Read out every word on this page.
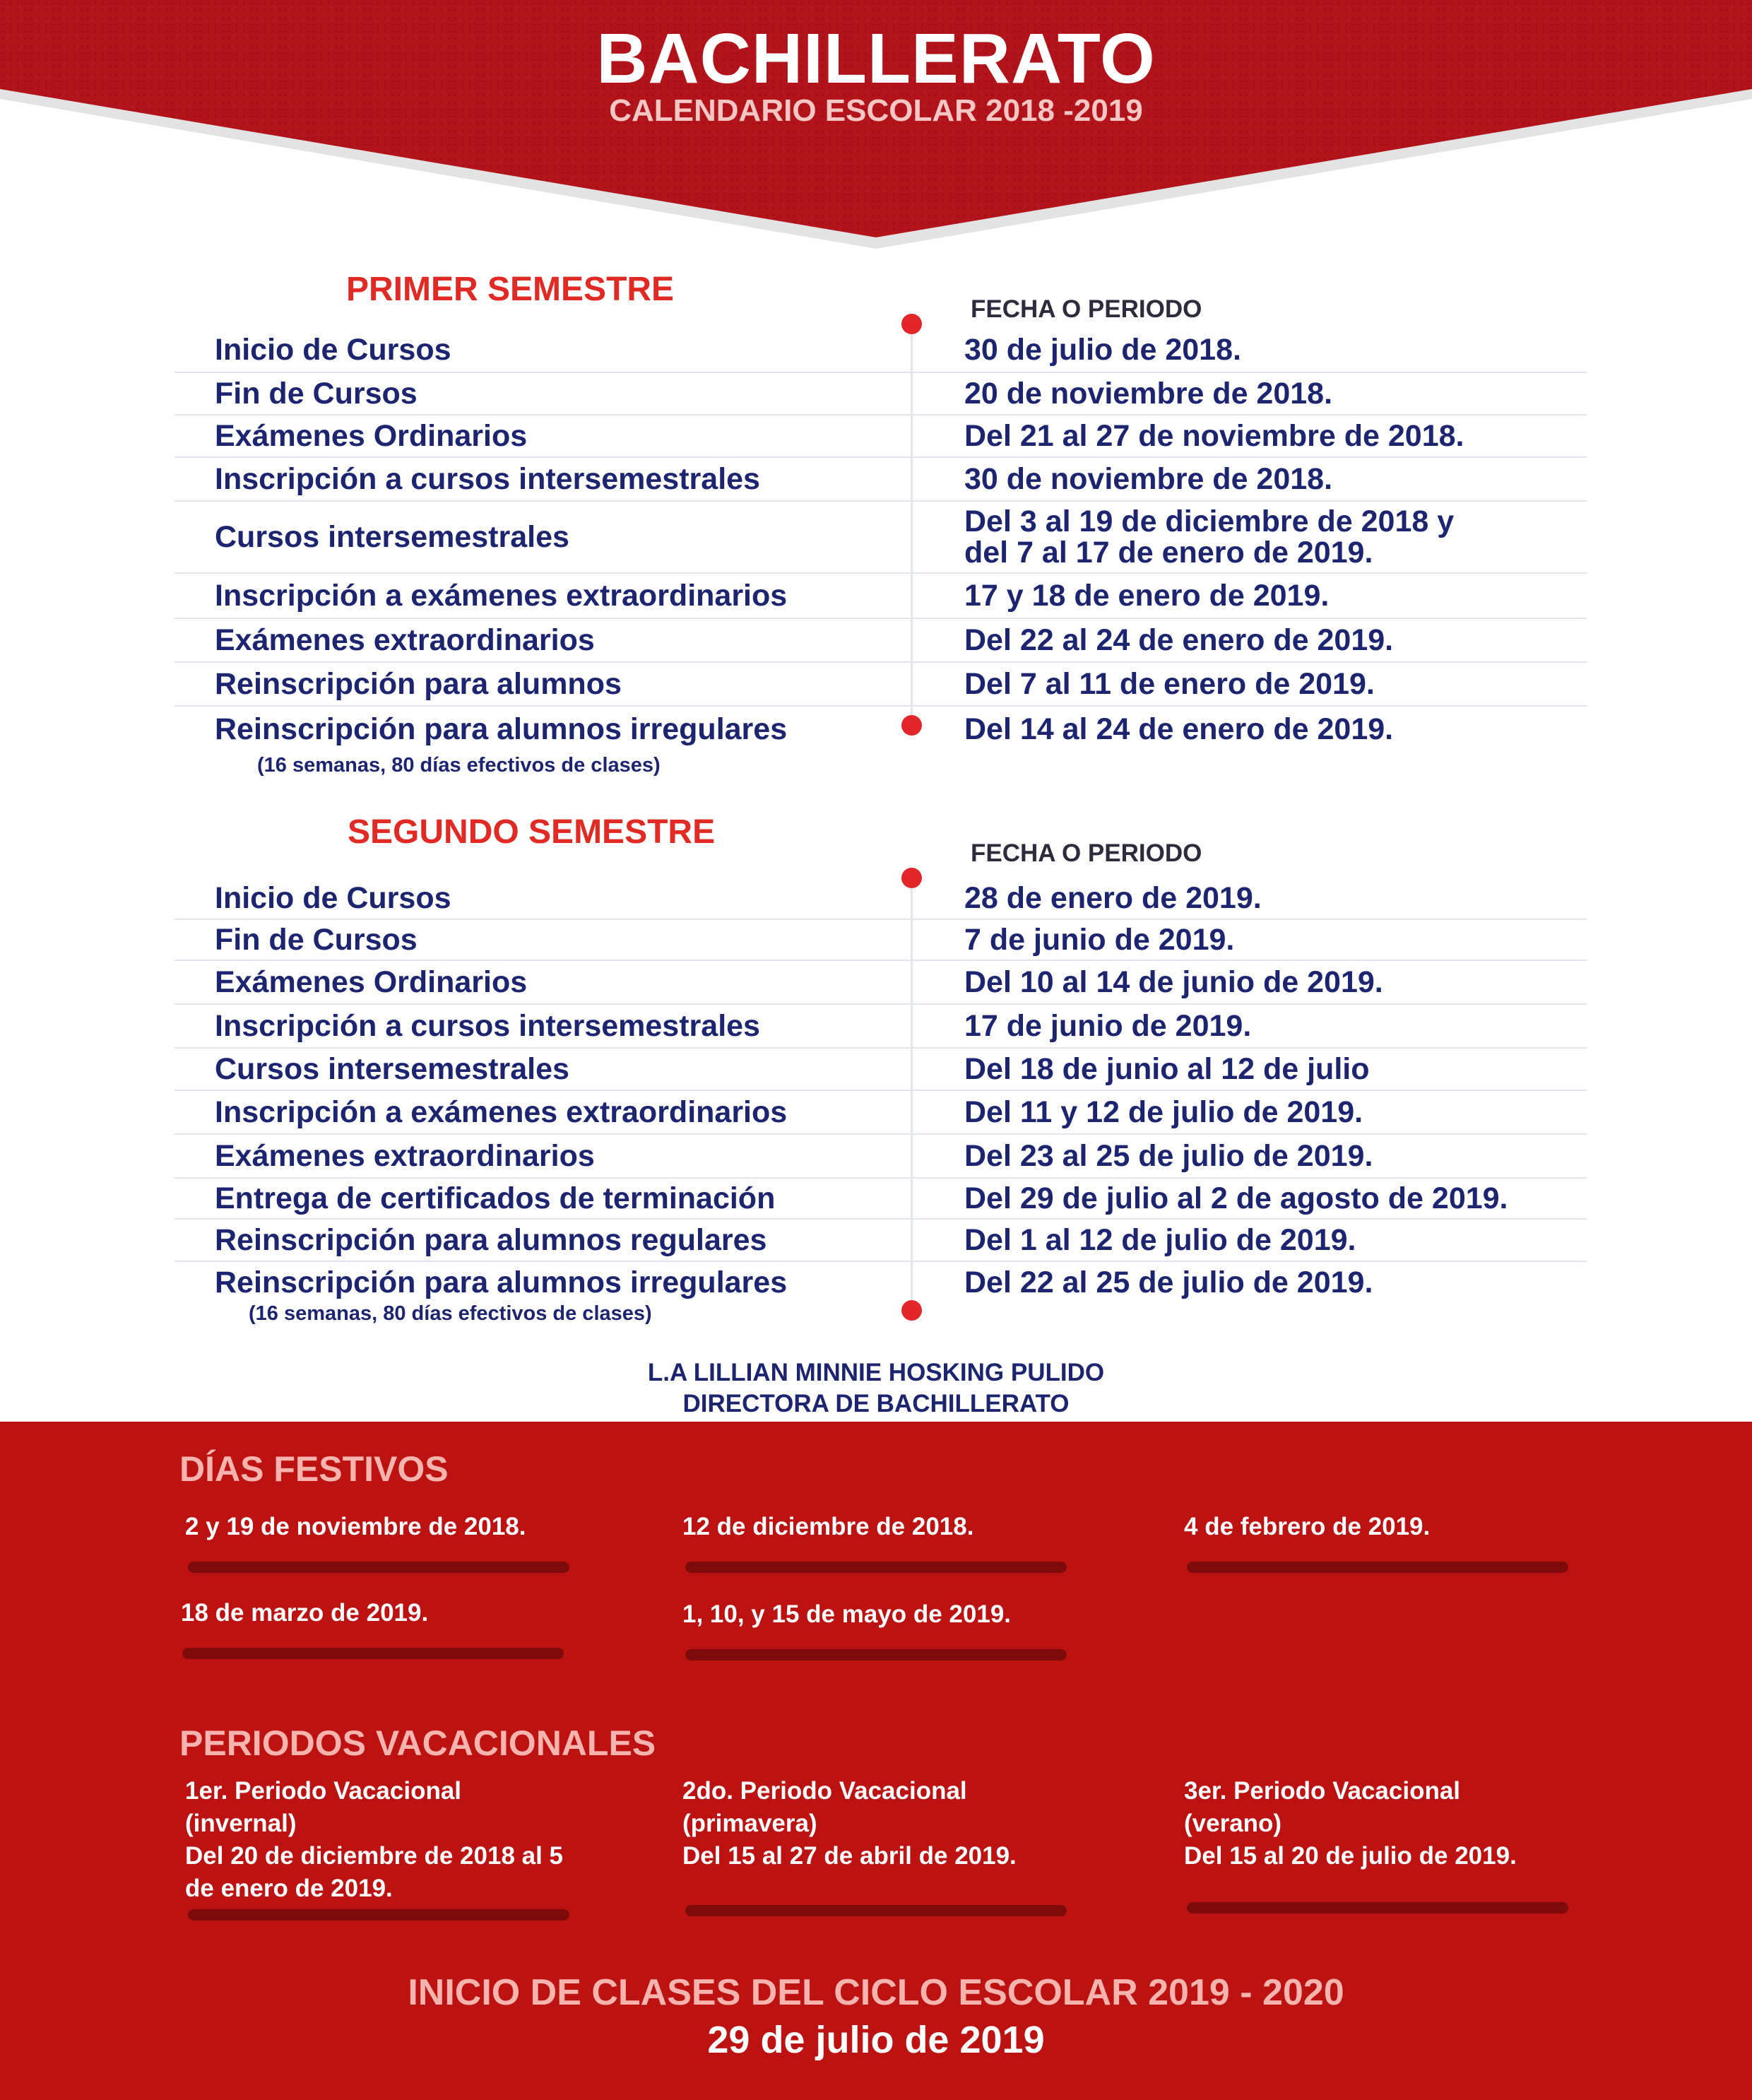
BACHILLERATO
CALENDARIO ESCOLAR 2018 -2019
PRIMER SEMESTRE
FECHA O PERIODO
Inicio de Cursos	30 de julio de 2018.
Fin de Cursos	20 de noviembre de 2018.
Exámenes Ordinarios	Del 21 al 27 de noviembre de 2018.
Inscripción a cursos intersemestrales	30 de noviembre de 2018.
Cursos intersemestrales	Del 3 al 19 de diciembre de 2018 y
del 7 al 17 de enero de 2019.
Inscripción a exámenes extraordinarios	17 y 18 de enero de 2019.
Exámenes extraordinarios	Del 22 al 24 de enero de 2019.
Reinscripción para alumnos	Del 7 al 11 de enero de 2019.
Reinscripción para alumnos irregulares	Del 14 al 24 de enero de 2019.
(16 semanas, 80 días efectivos de clases)
SEGUNDO SEMESTRE
FECHA O PERIODO
Inicio de Cursos	28 de enero de 2019.
Fin de Cursos	7 de junio de 2019.
Exámenes Ordinarios	Del 10 al 14 de junio de 2019.
Inscripción a cursos intersemestrales	17 de junio de 2019.
Cursos intersemestrales	Del 18 de junio al 12 de julio
Inscripción a exámenes extraordinarios	Del 11 y 12 de julio de 2019.
Exámenes extraordinarios	Del 23 al 25 de julio de 2019.
Entrega de certificados de terminación	Del 29 de julio al 2 de agosto de 2019.
Reinscripción para alumnos regulares	Del 1 al 12 de julio de 2019.
Reinscripción para alumnos irregulares	Del 22 al 25 de julio de 2019.
(16 semanas, 80 días efectivos de clases)
L.A LILLIAN MINNIE HOSKING PULIDO
DIRECTORA DE BACHILLERATO
DÍAS FESTIVOS
2 y 19 de noviembre de 2018.	12 de diciembre de 2018.	4 de febrero de 2019.
18 de marzo de 2019.	1, 10, y 15 de mayo de 2019.
PERIODOS VACACIONALES
1er. Periodo Vacacional
(invernal)
Del 20 de diciembre de 2018 al 5 de enero de 2019.
2do. Periodo Vacacional
(primavera)
Del 15 al 27 de abril de 2019.
3er. Periodo Vacacional
(verano)
Del 15 al 20 de julio de 2019.
INICIO DE CLASES DEL CICLO ESCOLAR 2019 - 2020
29 de julio de 2019
